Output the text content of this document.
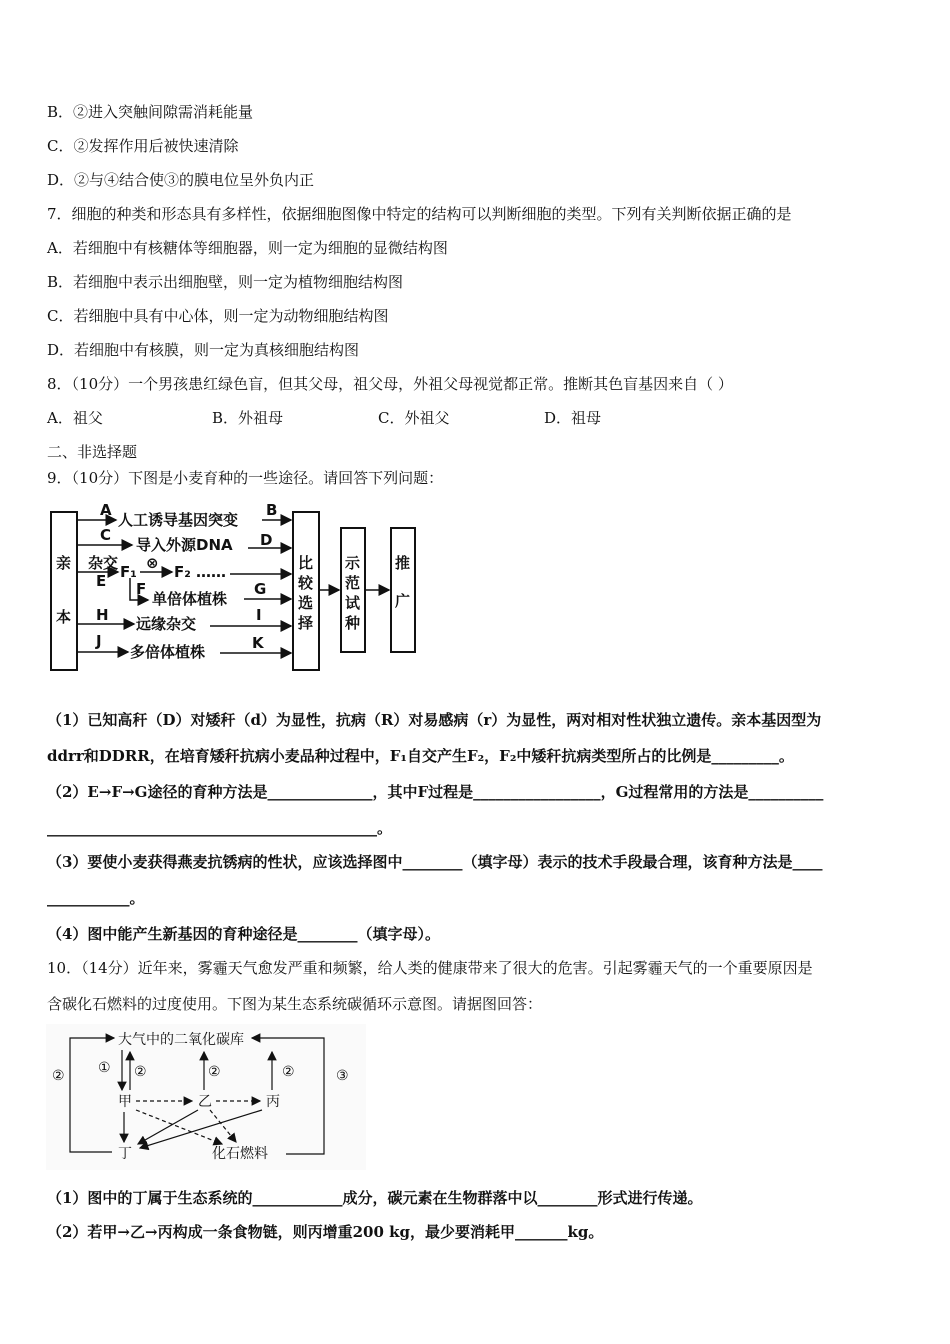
B．②进入突触间隙需消耗能量
C．②发挥作用后被快速清除
D．②与④结合使③的膜电位呈外负内正
7．细胞的种类和形态具有多样性，依据细胞图像中特定的结构可以判断细胞的类型。下列有关判断依据正确的是
A．若细胞中有核糖体等细胞器，则一定为细胞的显微结构图
B．若细胞中表示出细胞壁，则一定为植物细胞结构图
C．若细胞中具有中心体，则一定为动物细胞结构图
D．若细胞中有核膜，则一定为真核细胞结构图
8．（10分）一个男孩患红绿色盲，但其父母，祖父母，外祖父母视觉都正常。推断其色盲基因来自（ ）
A．祖父	B．外祖母	C．外祖父	D．祖母
二、非选择题
9．（10分）下图是小麦育种的一些途径。请回答下列问题：
亲
本
比
较
选
择
示
范
试
种
推
广
A
人工诱导基因突变
B
C
导入外源DNA D
杂交
E F₁ ⊗ F₂ ……
F
单倍体植株
G
H 远缘杂交	I
J
多倍体植株	K
（1）已知高秆（D）对矮秆（d）为显性，抗病（R）对易感病（r）为显性，两对相对性状独立遗传。亲本基因型为
ddrr和DDRR，在培育矮秆抗病小麦品种过程中，F₁自交产生F₂，F₂中矮秆抗病类型所占的比例是_________。
（2）E→F→G途径的育种方法是______________，其中F过程是_________________，G过程常用的方法是__________
____________________________________________。
（3）要使小麦获得燕麦抗锈病的性状，应该选择图中________（填字母）表示的技术手段最合理，该育种方法是____
___________。
（4）图中能产生新基因的育种途径是________（填字母）。
10．（14分）近年来，雾霾天气愈发严重和频繁，给人类的健康带来了很大的危害。引起雾霾天气的一个重要原因是
含碳化石燃料的过度使用。下图为某生态系统碳循环示意图。请据图回答：
大气中的二氧化碳库
甲	乙	丙
丁	化石燃料
②	③
① ②	②	②
（1）图中的丁属于生态系统的____________成分，碳元素在生物群落中以________形式进行传递。
（2）若甲→乙→丙构成一条食物链，则丙增重200 kg，最少要消耗甲_______kg。
